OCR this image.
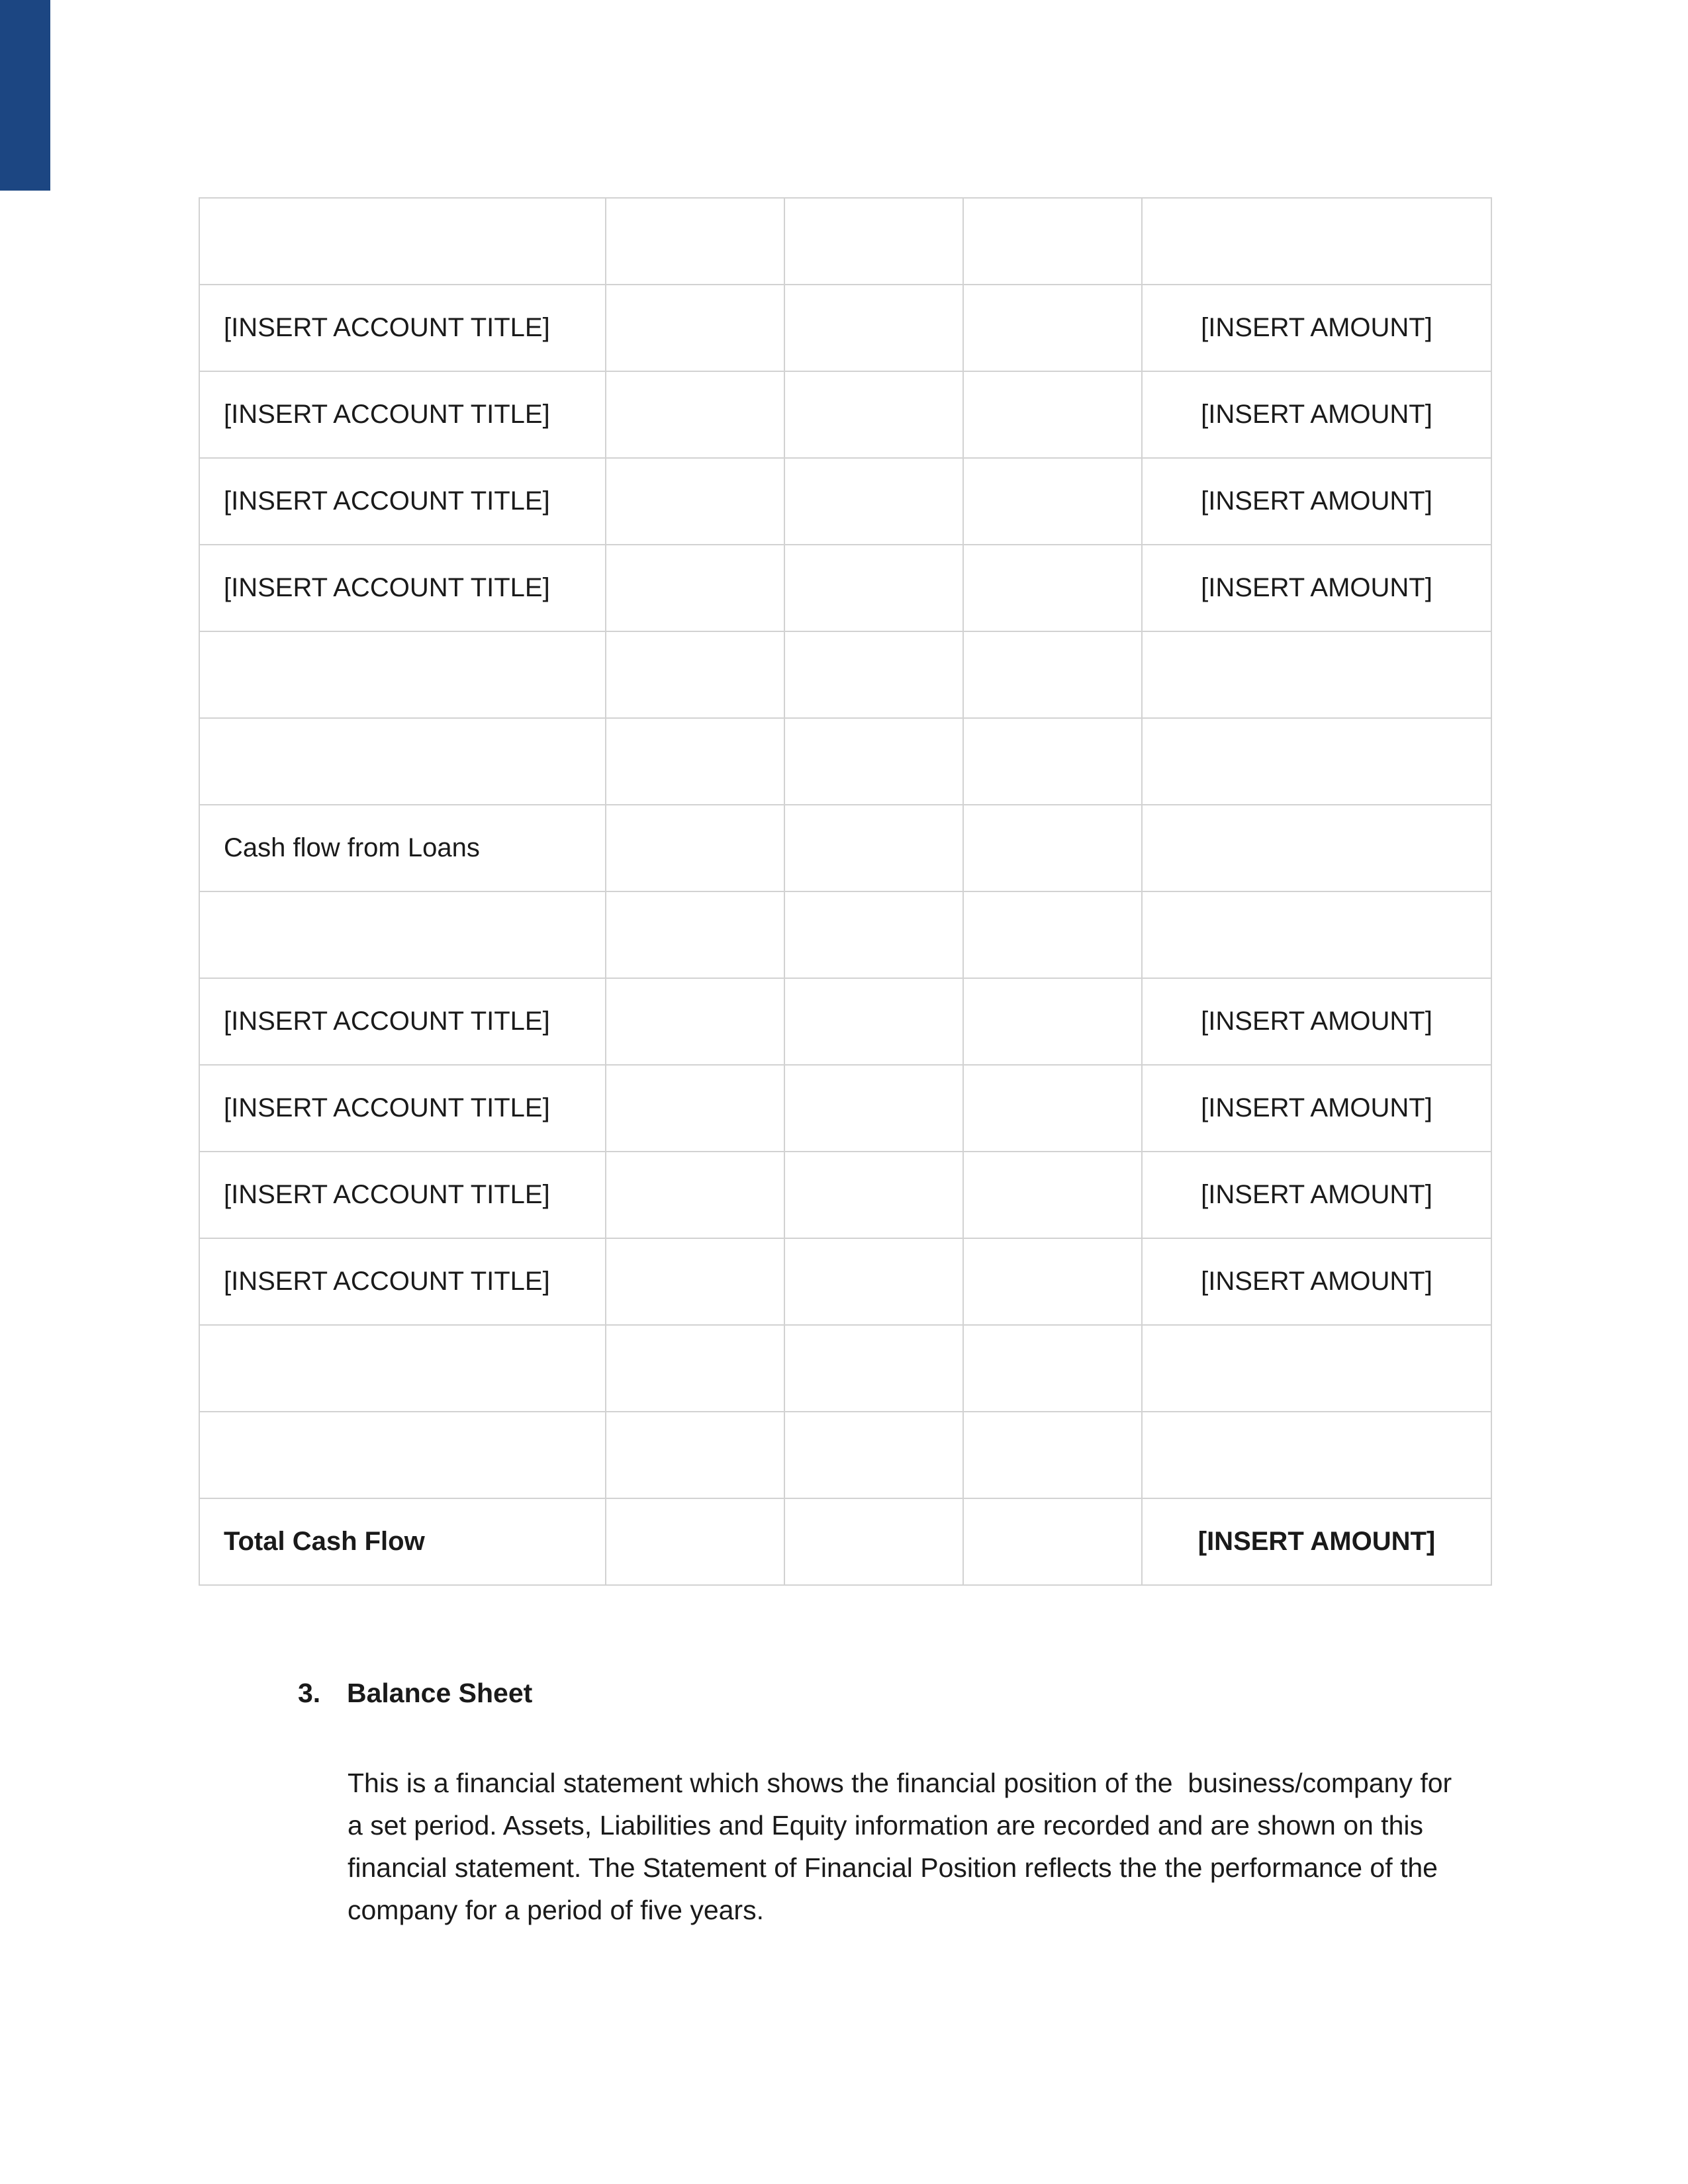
[INSERT ACCOUNT TITLE]				[INSERT AMOUNT]
[INSERT ACCOUNT TITLE]				[INSERT AMOUNT]
[INSERT ACCOUNT TITLE]				[INSERT AMOUNT]
[INSERT ACCOUNT TITLE]				[INSERT AMOUNT]

Cash flow from Loans				

[INSERT ACCOUNT TITLE]				[INSERT AMOUNT]
[INSERT ACCOUNT TITLE]				[INSERT AMOUNT]
[INSERT ACCOUNT TITLE]				[INSERT AMOUNT]
[INSERT ACCOUNT TITLE]				[INSERT AMOUNT]

Total Cash Flow				[INSERT AMOUNT]
3. Balance Sheet
This is a financial statement which shows the financial position of the  business/company for
a set period. Assets, Liabilities and Equity information are recorded and are shown on this
financial statement. The Statement of Financial Position reflects the the performance of the
company for a period of five years.
